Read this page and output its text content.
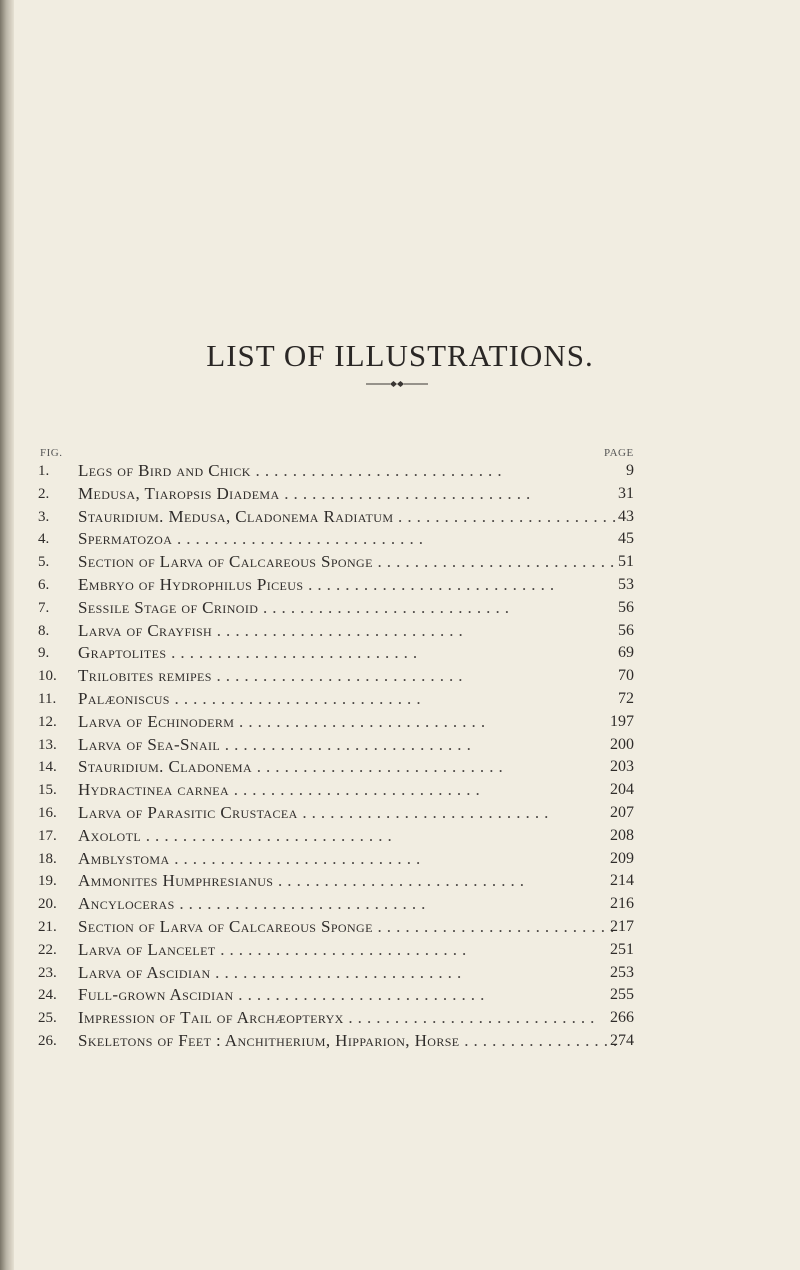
LIST OF ILLUSTRATIONS.
FIG.	PAGE
1.	Legs of Bird and Chick . .	9
2.	Medusa, Tiaropsis Diadema . .	31
3.	Stauridium. Medusa, Cladonema Radiatum . .	43
4.	Spermatozoa . .	45
5.	Section of Larva of Calcareous Sponge . .	51
6.	Embryo of Hydrophilus Piceus . .	53
7.	Sessile Stage of Crinoid . .	56
8.	Larva of Crayfish . .	56
9.	Graptolites . .	69
10.	Trilobites remipes . .	70
11.	Palæoniscus . .	72
12.	Larva of Echinoderm . .	197
13.	Larva of Sea-Snail . .	200
14.	Stauridium. Cladonema . .	203
15.	Hydractinea carnea . .	204
16.	Larva of Parasitic Crustacea . .	207
17.	Axolotl . .	208
18.	Amblystoma . .	209
19.	Ammonites Humphresianus . .	214
20.	Ancyloceras . .	216
21.	Section of Larva of Calcareous Sponge . .	217
22.	Larva of Lancelet . .	251
23.	Larva of Ascidian . .	253
24.	Full-grown Ascidian . .	255
25.	Impression of Tail of Archæopteryx . .	266
26.	Skeletons of Feet : Anchitherium, Hipparion, Horse . .	274
